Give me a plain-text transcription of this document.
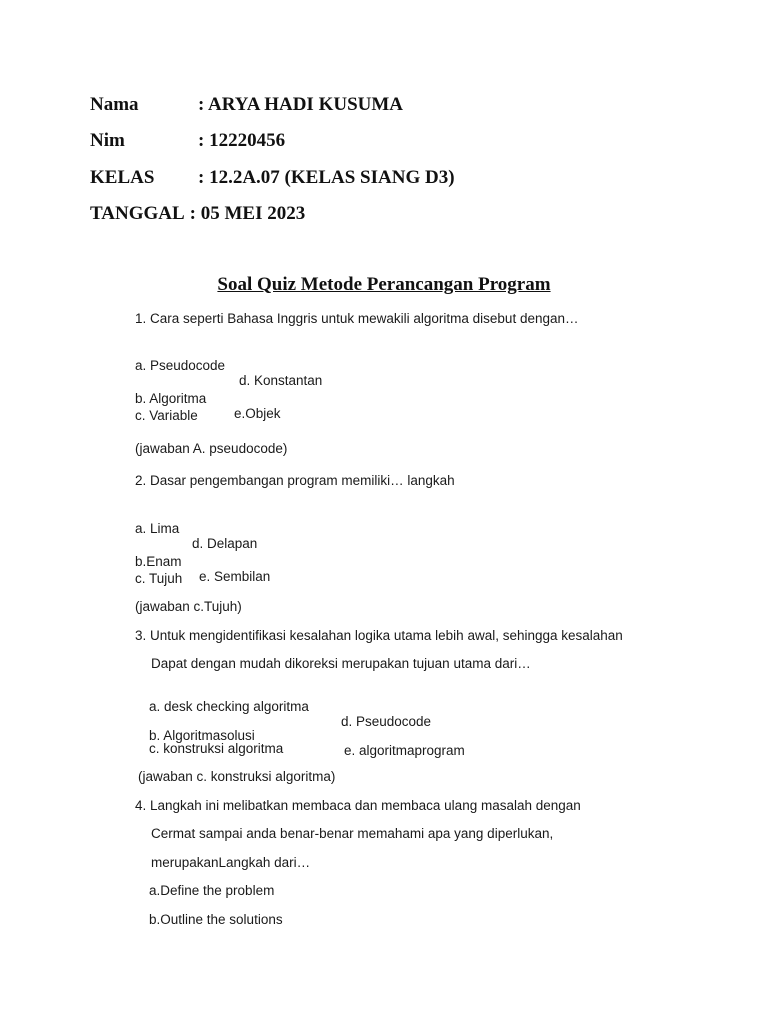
Nama	: ARYA HADI KUSUMA
Nim	: 12220456
KELAS : 12.2A.07 (KELAS SIANG D3)
TANGGAL : 05 MEI 2023
Soal Quiz Metode Perancangan Program
1. Cara seperti Bahasa Inggris untuk mewakili algoritma disebut dengan…

a. Pseudocode

d. Konstantan

b. Algoritma

e.Objek

c. Variable
(jawaban A. pseudocode)
2. Dasar pengembangan program memiliki… langkah

a. Lima

d. Delapan

b.Enam

e. Sembilan

c. Tujuh
(jawaban c.Tujuh)
3. Untuk mengidentifikasi kesalahan logika utama lebih awal, sehingga kesalahan
Dapat dengan mudah dikoreksi merupakan tujuan utama dari…

a. desk checking algoritma

d. Pseudocode

b. Algoritmasolusi

e. algoritmaprogram

c. konstruksi algoritma
(jawaban c. konstruksi algoritma)
4. Langkah ini melibatkan membaca dan membaca ulang masalah dengan
Cermat sampai anda benar-benar memahami apa yang diperlukan,
merupakanLangkah dari…
a.Define the problem
b.Outline the solutions
